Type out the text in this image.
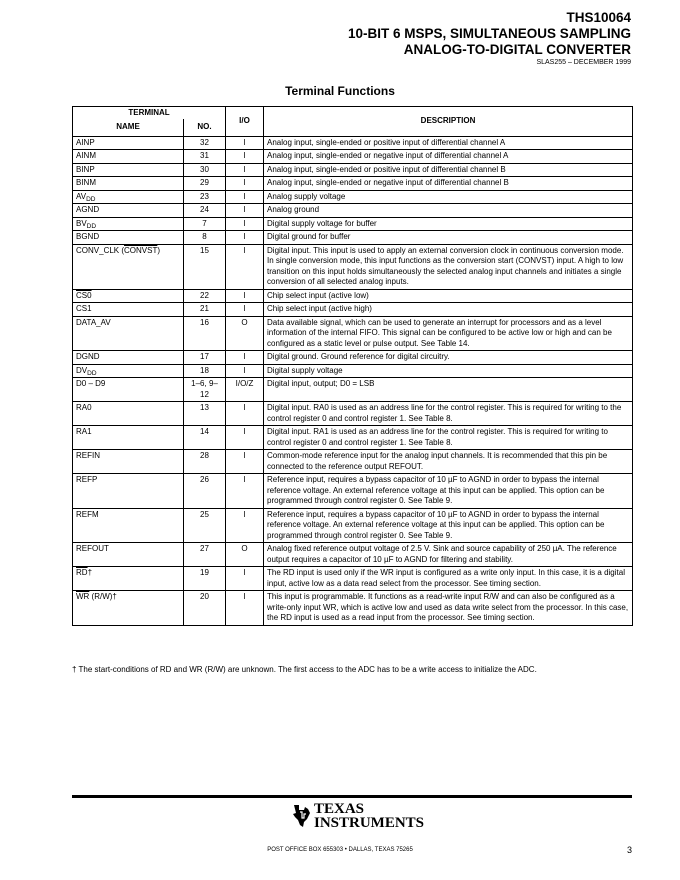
THS10064
10-BIT 6 MSPS, SIMULTANEOUS SAMPLING
ANALOG-TO-DIGITAL CONVERTER
SLAS255 – DECEMBER 1999
Terminal Functions
TERMINAL		I/O	DESCRIPTION
NAME	NO.		
AINP	32	I	Analog input, single-ended or positive input of differential channel A
AINM	31	I	Analog input, single-ended or negative input of differential channel A
BINP	30	I	Analog input, single-ended or positive input of differential channel B
BINM	29	I	Analog input, single-ended or negative input of differential channel B
$AV_{DD}$	23	I	Analog supply voltage
AGND	24	I	Analog ground
$BV_{DD}$	7	I	Digital supply voltage for buffer
BGND	8	I	Digital ground for buffer
CONV_CLK (CONVST)	15	I	Digital input. This input is used to apply an external conversion clock in continuous conversion mode. In single conversion mode, this input functions as the conversion start (CONVST) input. A high to low transition on this input holds simultaneously the selected analog input channels and initiates a single conversion of all selected analog inputs.
CS0	22	I	Chip select input (active low)
CS1	21	I	Chip select input (active high)
DATA_AV	16	O	Data available signal, which can be used to generate an interrupt for processors and as a level information of the internal FIFO. This signal can be configured to be active low or high and can be configured as a static level or pulse output. See Table 14.
DGND	17	I	Digital ground. Ground reference for digital circuitry.
$DV_{DD}$	18	I	Digital supply voltage
D0 – D9	1–6, 9–12	I/O/Z	Digital input, output; D0 = LSB
RA0	13	I	Digital input. RA0 is used as an address line for the control register. This is required for writing to the control register 0 and control register 1. See Table 8.
RA1	14	I	Digital input. RA1 is used as an address line for the control register. This is required for writing to control register 0 and control register 1. See Table 8.
REFIN	28	I	Common-mode reference input for the analog input channels. It is recommended that this pin be connected to the reference output REFOUT.
REFP	26	I	Reference input, requires a bypass capacitor of 10 µF to AGND in order to bypass the internal reference voltage. An external reference voltage at this input can be applied. This option can be programmed through control register 0. See Table 9.
REFM	25	I	Reference input, requires a bypass capacitor of 10 µF to AGND in order to bypass the internal reference voltage. An external reference voltage at this input can be applied. This option can be programmed through control register 0. See Table 9.
REFOUT	27	O	Analog fixed reference output voltage of 2.5 V. Sink and source capability of 250 µA. The reference output requires a capacitor of 10 µF to AGND for filtering and stability.
$\overline{RD}\dagger$	19	I	The RD input is used only if the WR input is configured as a write only input. In this case, it is a digital input, active low as a data read select from the processor. See timing section.
$\overline{WR}$ (R/W)†	20	I	This input is programmable. It functions as a read-write input R/W and can also be configured as a write-only input WR, which is active low and used as data write select from the processor. In this case, the RD input is used as a read input from the processor. See timing section.
† The start-conditions of RD and WR (R/W) are unknown. The first access to the ADC has to be a write access to initialize the ADC.
TEXAS
INSTRUMENTS
POST OFFICE BOX 655303 • DALLAS, TEXAS 75265	3
